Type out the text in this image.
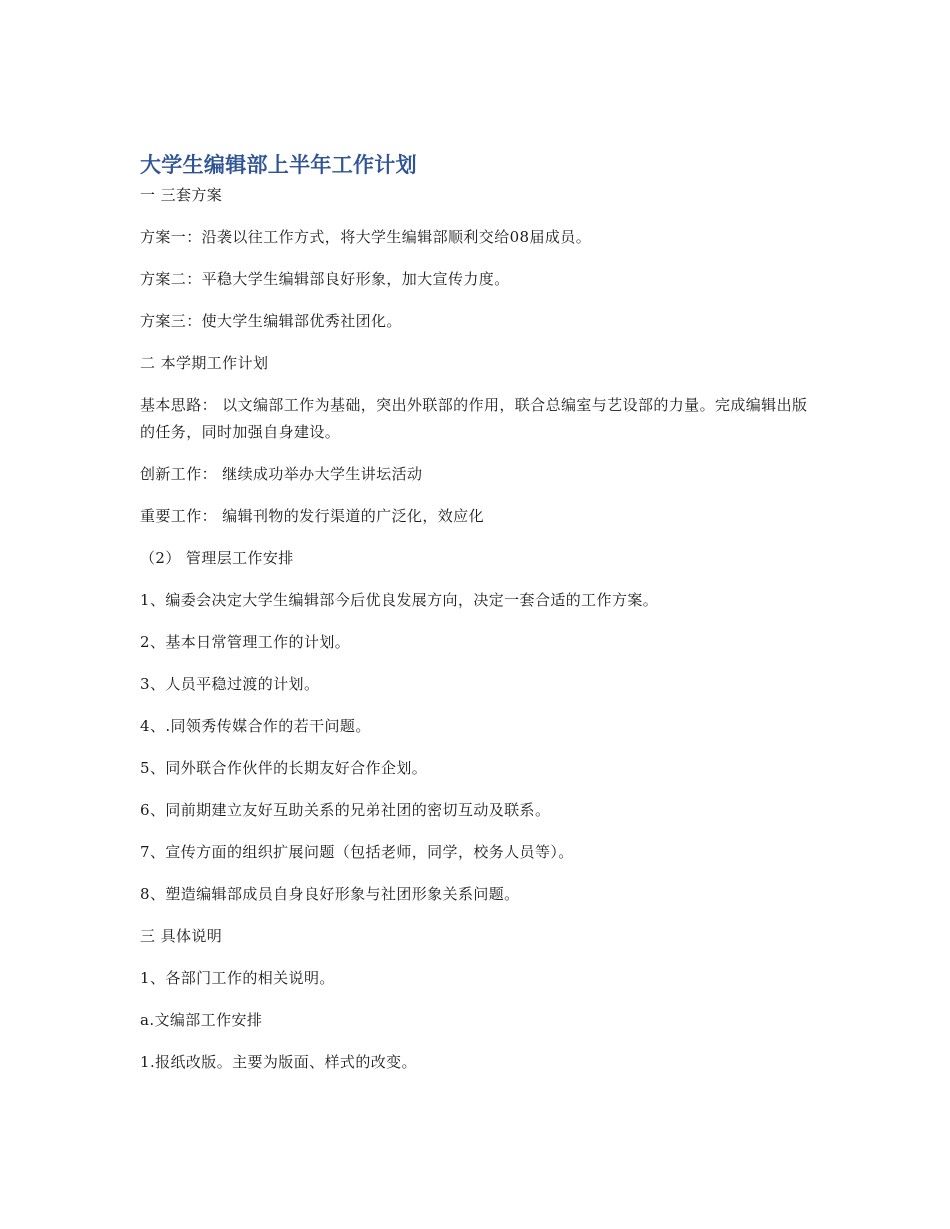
大学生编辑部上半年工作计划

一 三套方案

方案一：沿袭以往工作方式，将大学生编辑部顺利交给08届成员。

方案二：平稳大学生编辑部良好形象，加大宣传力度。

方案三：使大学生编辑部优秀社团化。

二 本学期工作计划

基本思路： 以文编部工作为基础，突出外联部的作用，联合总编室与艺设部的力量。完成编辑出版的任务，同时加强自身建设。

创新工作： 继续成功举办大学生讲坛活动

重要工作： 编辑刊物的发行渠道的广泛化，效应化

（2） 管理层工作安排

1、编委会决定大学生编辑部今后优良发展方向，决定一套合适的工作方案。

2、基本日常管理工作的计划。

3、人员平稳过渡的计划。

4、.同领秀传媒合作的若干问题。

5、同外联合作伙伴的长期友好合作企划。

6、同前期建立友好互助关系的兄弟社团的密切互动及联系。

7、宣传方面的组织扩展问题（包括老师，同学，校务人员等）。

8、塑造编辑部成员自身良好形象与社团形象关系问题。

三 具体说明

1、各部门工作的相关说明。

a.文编部工作安排

1.报纸改版。主要为版面、样式的改变。
